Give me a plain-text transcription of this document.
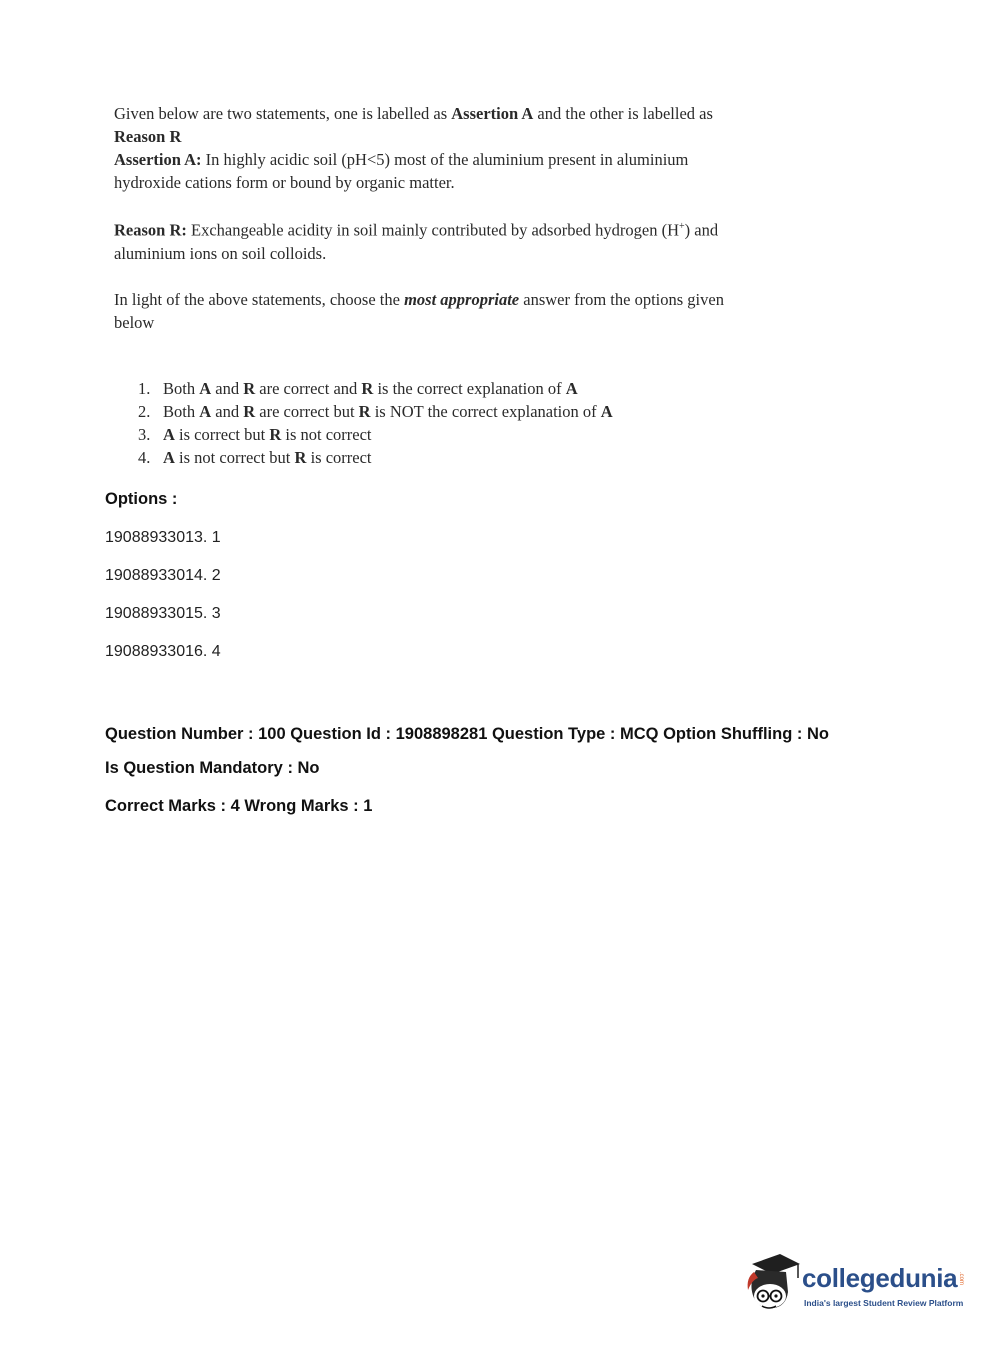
Given below are two statements, one is labelled as Assertion A and the other is labelled as

Reason R

Assertion A: In highly acidic soil (pH<5) most of the aluminium present in aluminium hydroxide cations form or bound by organic matter.

Reason R: Exchangeable acidity in soil mainly contributed by adsorbed hydrogen (H+) and aluminium ions on soil colloids.

In light of the above statements, choose the most appropriate answer from the options given below

1. Both A and R are correct and R is the correct explanation of A
2. Both A and R are correct but R is NOT the correct explanation of A
3. A is correct but R is not correct
4. A is not correct but R is correct
Options :
19088933013. 1
19088933014. 2
19088933015. 3
19088933016. 4
Question Number : 100 Question Id : 1908898281 Question Type : MCQ Option Shuffling : No
Is Question Mandatory : No
Correct Marks : 4 Wrong Marks : 1
collegedunia .com
India's largest Student Review Platform
